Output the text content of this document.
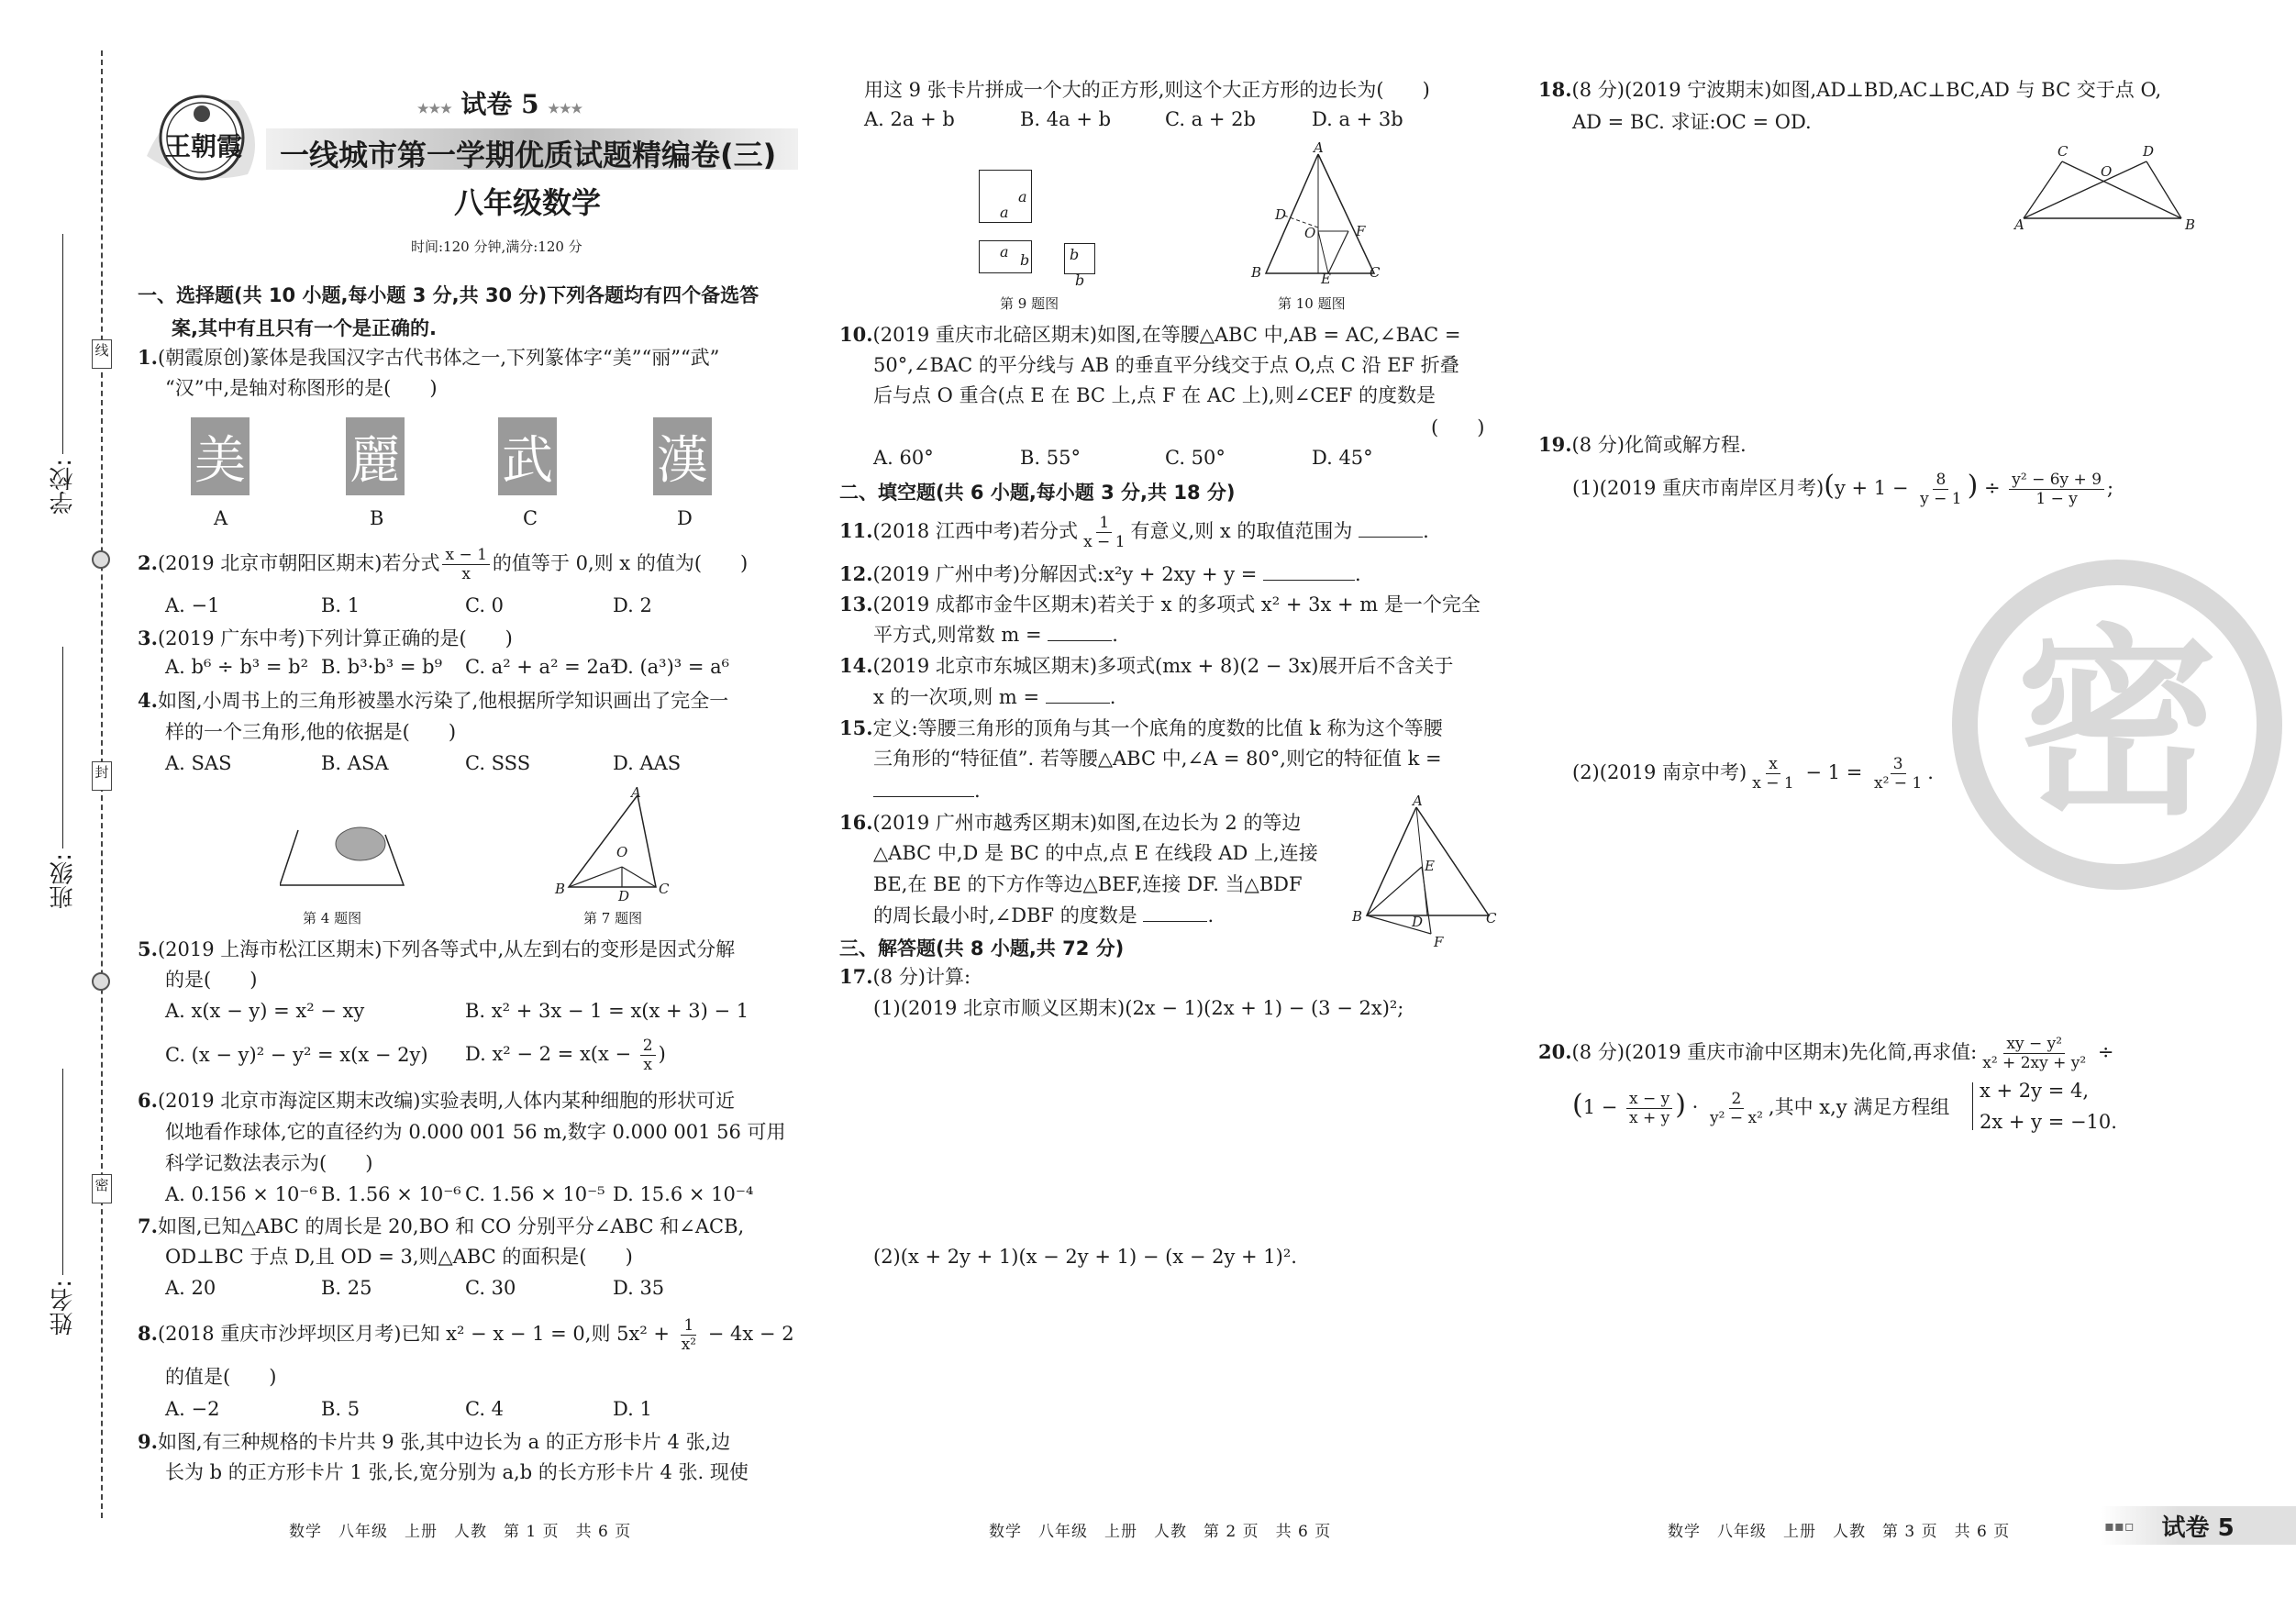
学校:
班级:
姓名:
线
封
密
王朝霞
★★★ 试卷 5 ★★★
一线城市第一学期优质试题精编卷(三)
八年级数学
时间:120 分钟,满分:120 分
一、选择题(共 10 小题,每小题 3 分,共 30 分)下列各题均有四个备选答
案,其中有且只有一个是正确的.
1.(朝霞原创)篆体是我国汉字古代书体之一,下列篆体字“美”“丽”“武”
“汉”中,是轴对称图形的是(　　)
美 麗 武 漢
A	B	C	D
2.(2019 北京市朝阳区期末)若分式 $\frac{x - 1}{x}$ 的值等于 0,则 x 的值为(　　)
A. −1	B. 1	C. 0	D. 2
3.(2019 广东中考)下列计算正确的是(　　)
A. b⁶ ÷ b³ = b² B. b³·b³ = b⁹ C. a² + a² = 2a²
D. (a³)³ = a⁶
4.如图,小周书上的三角形被墨水污染了,他根据所学知识画出了完全一
样的一个三角形,他的依据是(　　)
A. SAS	B. ASA	C. SSS	D. AAS
第 4 题图
A
B	C
O
D
第 7 题图
5.(2019 上海市松江区期末)下列各等式中,从左到右的变形是因式分解
的是(　　)
A. x(x − y) = x² − xy	B. x² + 3x − 1 = x(x + 3) − 1
C. (x − y)² − y² = x(x − 2y) D. $x^2 - 2 = x(x - \frac{2}{x}$ )
6.(2019 北京市海淀区期末改编)实验表明,人体内某种细胞的形状可近
似地看作球体,它的直径约为 0.000 001 56 m,数字 0.000 001 56 可用
科学记数法表示为(　　)
A. 0.156 × 10⁻⁶ B. 1.56 × 10⁻⁶ C. 1.56 × 10⁻⁵ D. 15.6 × 10⁻⁴
7.如图,已知△ABC 的周长是 20,BO 和 CO 分别平分∠ABC 和∠ACB,
OD⊥BC 于点 D,且 OD = 3,则△ABC 的面积是(　　)
A. 20	B. 25	C. 30	D. 35
8.(2018 重庆市沙坪坝区月考)已知 x² − x − 1 = 0,则 $5x^2 + \frac{1}{\text{x²}} - 4x - 2$
的值是(　　)
A. −2	B. 5	C. 4	D. 1
9.如图,有三种规格的卡片共 9 张,其中边长为 a 的正方形卡片 4 张,边
长为 b 的正方形卡片 1 张,长,宽分别为 a,b 的长方形卡片 4 张. 现使
数学　八年级　上册　人教　第 1 页　共 6 页
用这 9 张卡片拼成一个大的正方形,则这个大正方形的边长为(　　)
A. 2a + b	B. 4a + b	C. a + 2b	D. a + 3b
a
a
a b	b
b
第 9 题图
A
B	C
D
O
E
F
第 10 题图
10.(2019 重庆市北碚区期末)如图,在等腰△ABC 中,AB = AC,∠BAC =
50°,∠BAC 的平分线与 AB 的垂直平分线交于点 O,点 C 沿 EF 折叠
后与点 O 重合(点 E 在 BC 上,点 F 在 AC 上),则∠CEF 的度数是
(　　)
A. 60°	B. 55°	C. 50°	D. 45°
二、填空题(共 6 小题,每小题 3 分,共 18 分)
11.(2018 江西中考)若分式 $\frac{1}{x - 1}$ 有意义,则 x 的取值范围为	.
12.(2019 广州中考)分解因式:x²y + 2xy + y =	.
13.(2019 成都市金牛区期末)若关于 x 的多项式 x² + 3x + m 是一个完全
平方式,则常数 m =	.
14.(2019 北京市东城区期末)多项式(mx + 8)(2 − 3x)展开后不含关于
x 的一次项,则 m =	.
15.定义:等腰三角形的顶角与其一个底角的度数的比值 k 称为这个等腰
三角形的“特征值”. 若等腰△ABC 中,∠A = 80°,则它的特征值 k =
.
16.(2019 广州市越秀区期末)如图,在边长为 2 的等边
△ABC 中,D 是 BC 的中点,点 E 在线段 AD 上,连接
BE,在 BE 的下方作等边△BEF,连接 DF. 当△BDF
的周长最小时,∠DBF 的度数是	.
A
B	C
D
E
F
三、解答题(共 8 小题,共 72 分)
17.(8 分)计算:
(1)(2019 北京市顺义区期末)(2x − 1)(2x + 1) − (3 − 2x)²;
(2)(x + 2y + 1)(x − 2y + 1) − (x − 2y + 1)².
数学　八年级　上册　人教　第 2 页　共 6 页
18.(8 分)(2019 宁波期末)如图,AD⊥BD,AC⊥BC,AD 与 BC 交于点 O,
AD = BC. 求证:OC = OD.
A	B
C	D
O
19.(8 分)化简或解方程.
(1)(2019 重庆市南岸区月考)($y + 1 - \frac{8}{y - 1}$ ) ÷ $\frac{\text{y² − 6y + 9}}{1 - y}$ ;
(2)(2019 南京中考) $\frac{x}{x - 1} - 1 = \frac{3}{\text{x² − 1}}$ . 密
20.(8 分)(2019 重庆市渝中区期末)先化简,再求值: $\frac{\text{xy − y²}}{\text{x² + 2xy + y²}}$ ÷
($1 - \frac{x - y}{x + y}$ ) · $\frac{2}{\text{y² − x²}}$ ,其中 x,y 满足方程组
x + 2y = 4,
2x + y = −10.
数学　八年级　上册　人教　第 3 页　共 6 页	▪▪▫ 试卷 5
